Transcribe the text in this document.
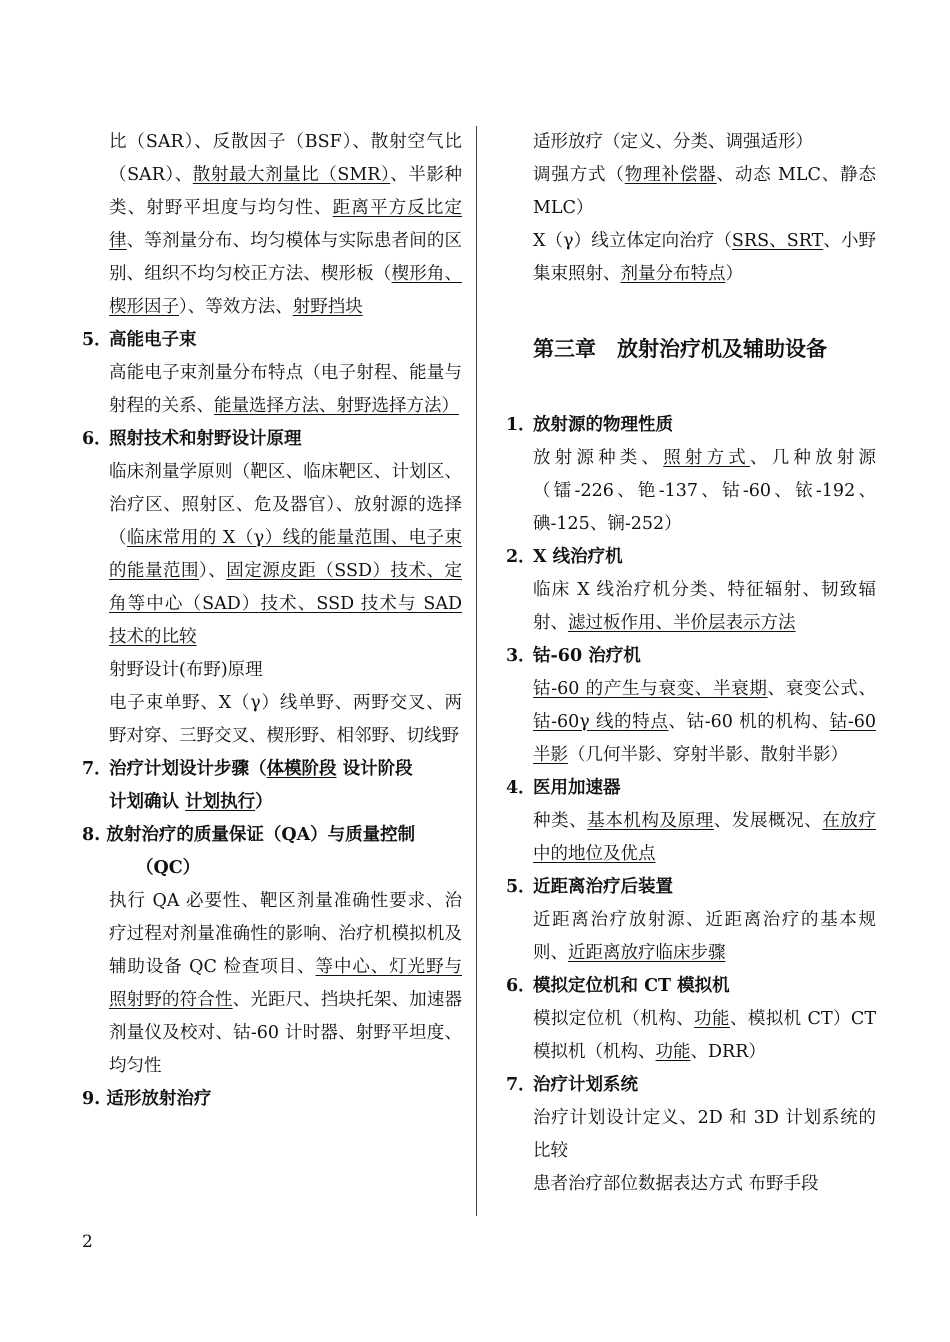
比（SAR）、反散因子（BSF）、散射空气比（SAR）、散射最大剂量比（SMR）、半影种类、射野平坦度与均匀性、距离平方反比定律、等剂量分布、均匀模体与实际患者间的区别、组织不均匀校正方法、楔形板（楔形角、楔形因子）、等效方法、射野挡块

5．高能电子束

高能电子束剂量分布特点（电子射程、能量与射程的关系、能量选择方法、射野选择方法）

6．照射技术和射野设计原理

临床剂量学原则（靶区、临床靶区、计划区、治疗区、照射区、危及器官）、放射源的选择（临床常用的 X（γ）线的能量范围、电子束的能量范围）、固定源皮距（SSD）技术、定角等中心（SAD）技术、SSD 技术与 SAD 技术的比较

射野设计(布野)原理

电子束单野、X（γ）线单野、两野交叉、两野对穿、三野交叉、楔形野、相邻野、切线野

7．治疗计划设计步骤（体模阶段 设计阶段

计划确认 计划执行）

8. 放射治疗的质量保证（QA）与质量控制

（QC）

执行 QA 必要性、靶区剂量准确性要求、治疗过程对剂量准确性的影响、治疗机模拟机及辅助设备 QC 检查项目、等中心、灯光野与照射野的符合性、光距尺、挡块托架、加速器剂量仪及校对、钴-60 计时器、射野平坦度、均匀性

9. 适形放射治疗

适形放疗（定义、分类、调强适形）

调强方式（物理补偿器、动态 MLC、静态 MLC）

X（γ）线立体定向治疗（SRS、SRT、小野集束照射、剂量分布特点）

第三章　放射治疗机及辅助设备

1．放射源的物理性质

放射源种类、照射方式、几种放射源（镭-226、铯-137、钴-60、铱-192、碘-125、锎-252）

2．X 线治疗机

临床 X 线治疗机分类、特征辐射、韧致辐射、滤过板作用、半价层表示方法

3．钴-60 治疗机

钴-60 的产生与衰变、半衰期、衰变公式、钴-60γ 线的特点、钴-60 机的机构、钴-60 半影（几何半影、穿射半影、散射半影）

4．医用加速器

种类、基本机构及原理、发展概况、在放疗中的地位及优点

5．近距离治疗后装置

近距离治疗放射源、近距离治疗的基本规则、近距离放疗临床步骤

6．模拟定位机和 CT 模拟机

模拟定位机（机构、功能、模拟机 CT）CT 模拟机（机构、功能、DRR）

7．治疗计划系统

治疗计划设计定义、2D 和 3D 计划系统的比较

患者治疗部位数据表达方式 布野手段

2
